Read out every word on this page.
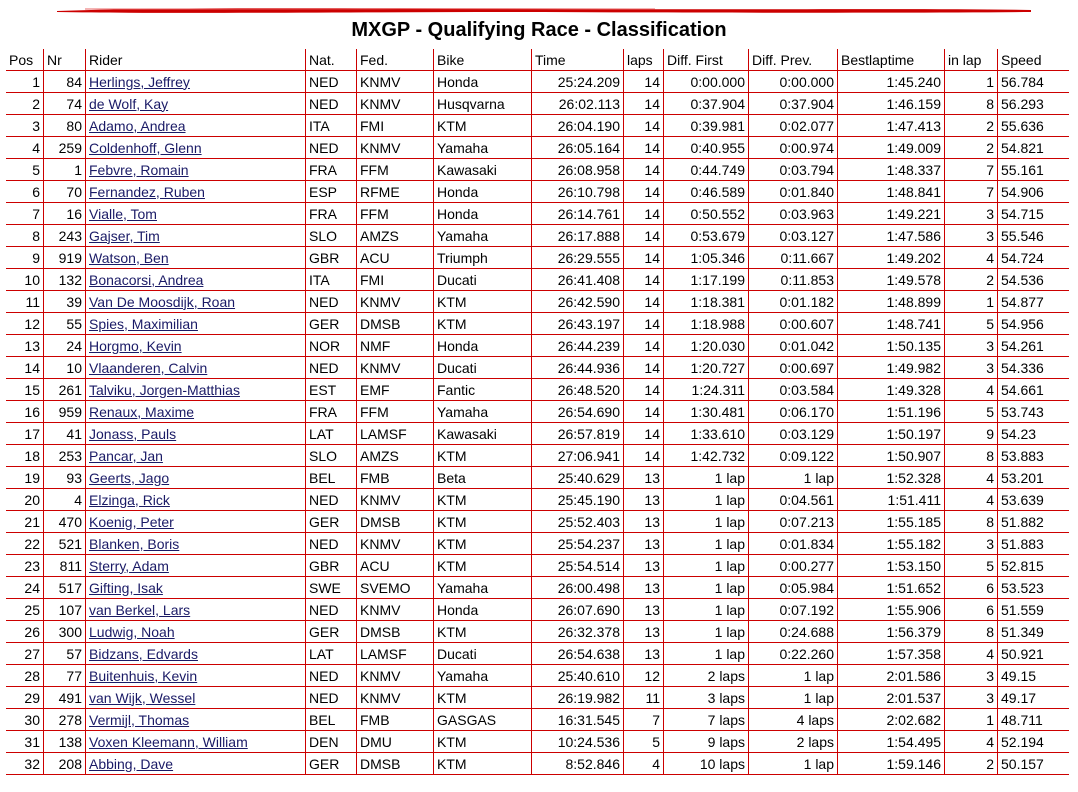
MXGP - Qualifying Race - Classification
Pos	Nr	Rider	Nat.	Fed.	Bike	Time	laps	Diff. First	Diff. Prev.	Bestlaptime	in lap	Speed
1	84	Herlings, Jeffrey	NED	KNMV	Honda	25:24.209	14	0:00.000	0:00.000	1:45.240	1	56.784
2	74	de Wolf, Kay	NED	KNMV	Husqvarna	26:02.113	14	0:37.904	0:37.904	1:46.159	8	56.293
3	80	Adamo, Andrea	ITA	FMI	KTM	26:04.190	14	0:39.981	0:02.077	1:47.413	2	55.636
4	259	Coldenhoff, Glenn	NED	KNMV	Yamaha	26:05.164	14	0:40.955	0:00.974	1:49.009	2	54.821
5	1	Febvre, Romain	FRA	FFM	Kawasaki	26:08.958	14	0:44.749	0:03.794	1:48.337	7	55.161
6	70	Fernandez, Ruben	ESP	RFME	Honda	26:10.798	14	0:46.589	0:01.840	1:48.841	7	54.906
7	16	Vialle, Tom	FRA	FFM	Honda	26:14.761	14	0:50.552	0:03.963	1:49.221	3	54.715
8	243	Gajser, Tim	SLO	AMZS	Yamaha	26:17.888	14	0:53.679	0:03.127	1:47.586	3	55.546
9	919	Watson, Ben	GBR	ACU	Triumph	26:29.555	14	1:05.346	0:11.667	1:49.202	4	54.724
10	132	Bonacorsi, Andrea	ITA	FMI	Ducati	26:41.408	14	1:17.199	0:11.853	1:49.578	2	54.536
11	39	Van De Moosdijk, Roan	NED	KNMV	KTM	26:42.590	14	1:18.381	0:01.182	1:48.899	1	54.877
12	55	Spies, Maximilian	GER	DMSB	KTM	26:43.197	14	1:18.988	0:00.607	1:48.741	5	54.956
13	24	Horgmo, Kevin	NOR	NMF	Honda	26:44.239	14	1:20.030	0:01.042	1:50.135	3	54.261
14	10	Vlaanderen, Calvin	NED	KNMV	Ducati	26:44.936	14	1:20.727	0:00.697	1:49.982	3	54.336
15	261	Talviku, Jorgen-Matthias	EST	EMF	Fantic	26:48.520	14	1:24.311	0:03.584	1:49.328	4	54.661
16	959	Renaux, Maxime	FRA	FFM	Yamaha	26:54.690	14	1:30.481	0:06.170	1:51.196	5	53.743
17	41	Jonass, Pauls	LAT	LAMSF	Kawasaki	26:57.819	14	1:33.610	0:03.129	1:50.197	9	54.23
18	253	Pancar, Jan	SLO	AMZS	KTM	27:06.941	14	1:42.732	0:09.122	1:50.907	8	53.883
19	93	Geerts, Jago	BEL	FMB	Beta	25:40.629	13	1 lap	1 lap	1:52.328	4	53.201
20	4	Elzinga, Rick	NED	KNMV	KTM	25:45.190	13	1 lap	0:04.561	1:51.411	4	53.639
21	470	Koenig, Peter	GER	DMSB	KTM	25:52.403	13	1 lap	0:07.213	1:55.185	8	51.882
22	521	Blanken, Boris	NED	KNMV	KTM	25:54.237	13	1 lap	0:01.834	1:55.182	3	51.883
23	811	Sterry, Adam	GBR	ACU	KTM	25:54.514	13	1 lap	0:00.277	1:53.150	5	52.815
24	517	Gifting, Isak	SWE	SVEMO	Yamaha	26:00.498	13	1 lap	0:05.984	1:51.652	6	53.523
25	107	van Berkel, Lars	NED	KNMV	Honda	26:07.690	13	1 lap	0:07.192	1:55.906	6	51.559
26	300	Ludwig, Noah	GER	DMSB	KTM	26:32.378	13	1 lap	0:24.688	1:56.379	8	51.349
27	57	Bidzans, Edvards	LAT	LAMSF	Ducati	26:54.638	13	1 lap	0:22.260	1:57.358	4	50.921
28	77	Buitenhuis, Kevin	NED	KNMV	Yamaha	25:40.610	12	2 laps	1 lap	2:01.586	3	49.15
29	491	van Wijk, Wessel	NED	KNMV	KTM	26:19.982	11	3 laps	1 lap	2:01.537	3	49.17
30	278	Vermijl, Thomas	BEL	FMB	GASGAS	16:31.545	7	7 laps	4 laps	2:02.682	1	48.711
31	138	Voxen Kleemann, William	DEN	DMU	KTM	10:24.536	5	9 laps	2 laps	1:54.495	4	52.194
32	208	Abbing, Dave	GER	DMSB	KTM	8:52.846	4	10 laps	1 lap	1:59.146	2	50.157
